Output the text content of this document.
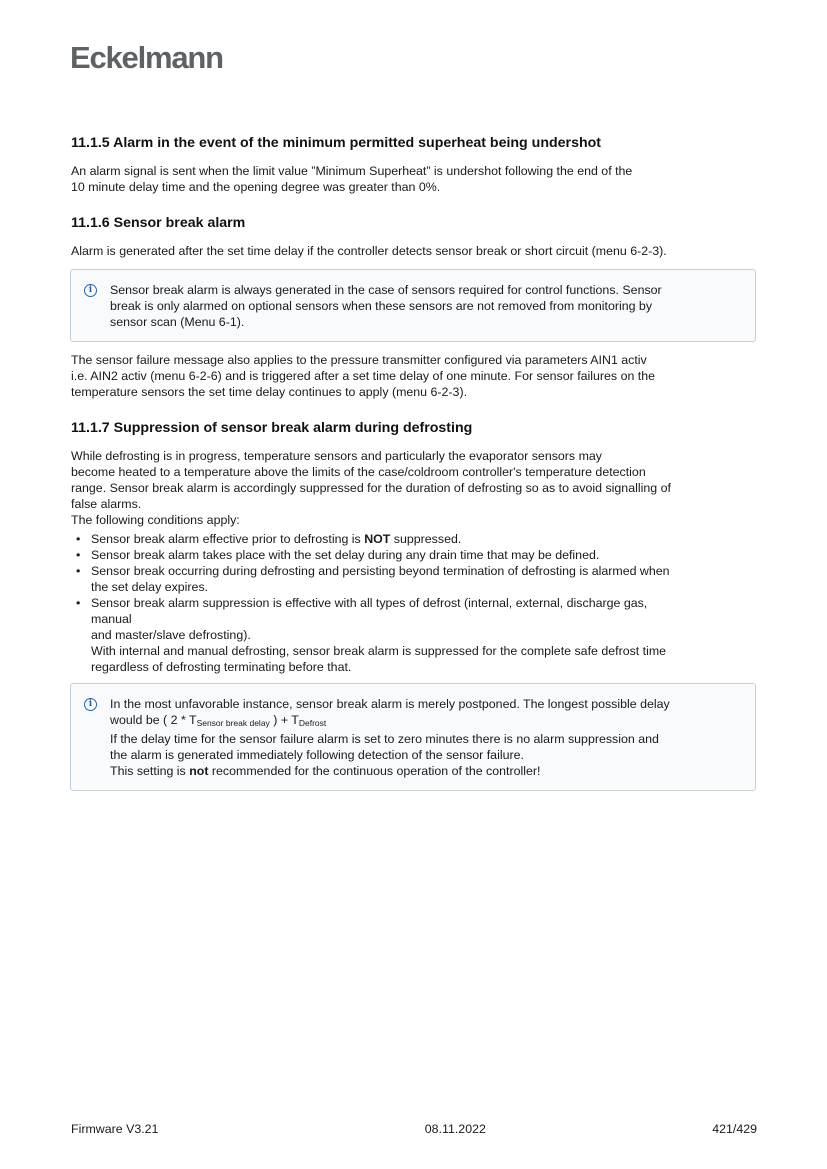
Eckelmann
11.1.5 Alarm in the event of the minimum permitted superheat being undershot

An alarm signal is sent when the limit value ”Minimum Superheat” is undershot following the end of the
10 minute delay time and the opening degree was greater than 0%.

11.1.6 Sensor break alarm

Alarm is generated after the set time delay if the controller detects sensor break or short circuit (menu 6-2-3).

i	Sensor break alarm is always generated in the case of sensors required for control functions. Sensor
break is only alarmed on optional sensors when these sensors are not removed from monitoring by
sensor scan (Menu 6-1).

The sensor failure message also applies to the pressure transmitter configured via parameters AIN1 activ
i.e. AIN2 activ (menu 6-2-6) and is triggered after a set time delay of one minute. For sensor failures on the
temperature sensors the set time delay continues to apply (menu 6-2-3).

11.1.7 Suppression of sensor break alarm during defrosting

While defrosting is in progress, temperature sensors and particularly the evaporator sensors may
become heated to a temperature above the limits of the case/coldroom controller's temperature detection
range. Sensor break alarm is accordingly suppressed for the duration of defrosting so as to avoid signalling of
false alarms.
The following conditions apply:

• Sensor break alarm effective prior to defrosting is NOT suppressed.
• Sensor break alarm takes place with the set delay during any drain time that may be defined.
• Sensor break occurring during defrosting and persisting beyond termination of defrosting is alarmed when
the set delay expires.
• Sensor break alarm suppression is effective with all types of defrost (internal, external, discharge gas,
manual
and master/slave defrosting).
With internal and manual defrosting, sensor break alarm is suppressed for the complete safe defrost time
regardless of defrosting terminating before that.
i	In the most unfavorable instance, sensor break alarm is merely postponed. The longest possible delay
would be ( $2 * T_{Sensor break delay}$ ) + $T_{Defrost}$
If the delay time for the sensor failure alarm is set to zero minutes there is no alarm suppression and
the alarm is generated immediately following detection of the sensor failure.
This setting is not recommended for the continuous operation of the controller!
Firmware V3.21	08.11.2022	421/429
